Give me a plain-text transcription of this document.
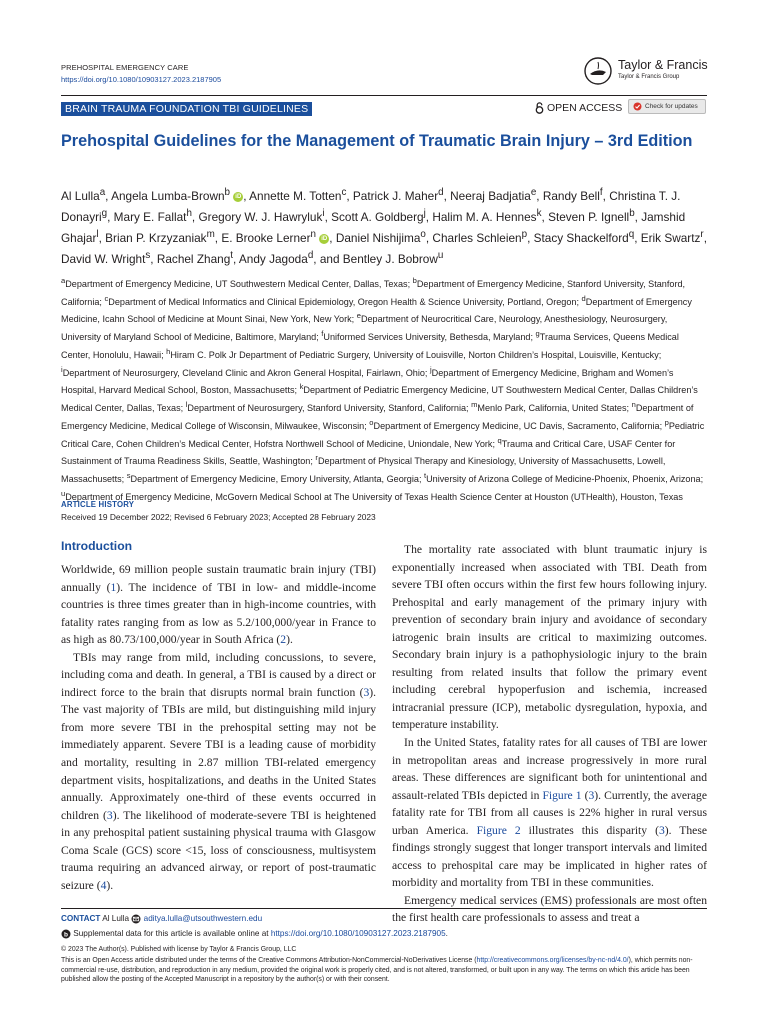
PREHOSPITAL EMERGENCY CARE
https://doi.org/10.1080/10903127.2023.2187905
Taylor & Francis
Taylor & Francis Group
BRAIN TRAUMA FOUNDATION TBI GUIDELINES	OPEN ACCESS	Check for updates
Prehospital Guidelines for the Management of Traumatic Brain Injury – 3rd Edition
Al Lulla$^a$, Angela Lumba-Brown$^b$ iD , Annette M. Totten$^c$, Patrick J. Maher$^d$, Neeraj Badjatia$^e$, Randy Bell$^f$, Christina T. J. Donayri$^g$, Mary E. Fallat$^h$, Gregory W. J. Hawryluk$^i$, Scott A. Goldberg$^j$, Halim M. A. Hennes$^k$, Steven P. Ignell$^b$, Jamshid Ghajar$^l$, Brian P. Krzyzaniak$^m$, E. Brooke Lerner$^n$ iD , Daniel Nishijima$^o$, Charles Schleien$^p$, Stacy Shackelford$^q$, Erik Swartz$^r$, David W. Wright$^s$, Rachel Zhang$^t$, Andy Jagoda$^d$, and Bentley J. Bobrow$^u$
$^a$Department of Emergency Medicine, UT Southwestern Medical Center, Dallas, Texas; $^b$Department of Emergency Medicine, Stanford University, Stanford, California; $^c$Department of Medical Informatics and Clinical Epidemiology, Oregon Health & Science University, Portland, Oregon; $^d$Department of Emergency Medicine, Icahn School of Medicine at Mount Sinai, New York, New York; $^e$Department of Neurocritical Care, Neurology, Anesthesiology, Neurosurgery, University of Maryland School of Medicine, Baltimore, Maryland; $^f$Uniformed Services University, Bethesda, Maryland; $^g$Trauma Services, Queens Medical Center, Honolulu, Hawaii; $^h$Hiram C. Polk Jr Department of Pediatric Surgery, University of Louisville, Norton Children’s Hospital, Louisville, Kentucky; $^i$Department of Neurosurgery, Cleveland Clinic and Akron General Hospital, Fairlawn, Ohio; $^j$Department of Emergency Medicine, Brigham and Women’s Hospital, Harvard Medical School, Boston, Massachusetts; $^k$Department of Pediatric Emergency Medicine, UT Southwestern Medical Center, Dallas Children’s Medical Center, Dallas, Texas; $^l$Department of Neurosurgery, Stanford University, Stanford, California; $^m$Menlo Park, California, United States; $^n$Department of Emergency Medicine, Medical College of Wisconsin, Milwaukee, Wisconsin; $^o$Department of Emergency Medicine, UC Davis, Sacramento, California; $^p$Pediatric Critical Care, Cohen Children’s Medical Center, Hofstra Northwell School of Medicine, Uniondale, New York; $^q$Trauma and Critical Care, USAF Center for Sustainment of Trauma Readiness Skills, Seattle, Washington; $^r$Department of Physical Therapy and Kinesiology, University of Massachusetts, Lowell, Massachusetts; $^s$Department of Emergency Medicine, Emory University, Atlanta, Georgia; $^t$University of Arizona College of Medicine-Phoenix, Phoenix, Arizona; $^u$Department of Emergency Medicine, McGovern Medical School at The University of Texas Health Science Center at Houston (UTHealth), Houston, Texas
ARTICLE HISTORY
Received 19 December 2022; Revised 6 February 2023; Accepted 28 February 2023
Introduction

Worldwide, 69 million people sustain traumatic brain injury (TBI) annually (1). The incidence of TBI in low- and middle-income countries is three times greater than in high-income countries, with fatality rates ranging from as low as 5.2/100,000/year in France to as high as 80.73/100,000/year in South Africa (2).

TBIs may range from mild, including concussions, to severe, including coma and death. In general, a TBI is caused by a direct or indirect force to the brain that disrupts normal brain function (3). The vast majority of TBIs are mild, but distinguishing mild injury from more severe TBI in the prehospital setting may not be immediately apparent. Severe TBI is a leading cause of morbidity and mortality, resulting in 2.87 million TBI-related emergency department visits, hospitalizations, and deaths in the United States annually. Approximately one-third of these events occurred in children (3). The likelihood of moderate-severe TBI is heightened in any prehospital patient sustaining physical trauma with Glasgow Coma Scale (GCS) score <15, loss of consciousness, multisystem trauma requiring an advanced airway, or report of post-traumatic seizure (4).

The mortality rate associated with blunt traumatic injury is exponentially increased when associated with TBI. Death from severe TBI often occurs within the first few hours following injury. Prehospital and early management of the primary injury with prevention of secondary brain injury and avoidance of secondary iatrogenic brain insults are critical to maximizing outcomes. Secondary brain injury is a pathophysiologic injury to the brain resulting from related insults that follow the primary event including cerebral hypoperfusion and ischemia, increased intracranial pressure (ICP), metabolic dysregulation, hypoxia, and temperature instability.

In the United States, fatality rates for all causes of TBI are lower in metropolitan areas and increase progressively in more rural areas. These differences are significant both for unintentional and assault-related TBIs depicted in Figure 1 (3). Currently, the average fatality rate for TBI from all causes is 22% higher in rural versus urban America. Figure 2 illustrates this disparity (3). These findings strongly suggest that longer transport intervals and limited access to prehospital care may be implicated in higher rates of morbidity and mortality from TBI in these communities.

Emergency medical services (EMS) professionals are most often the first health care professionals to assess and treat a

CONTACT Al Lulla aditya.lulla@utsouthwestern.edu
b Supplemental data for this article is available online at https://doi.org/10.1080/10903127.2023.2187905.
© 2023 The Author(s). Published with license by Taylor & Francis Group, LLC
This is an Open Access article distributed under the terms of the Creative Commons Attribution-NonCommercial-NoDerivatives License (http://creativecommons.org/licenses/by-nc-nd/4.0/), which permits non-commercial re-use, distribution, and reproduction in any medium, provided the original work is properly cited, and is not altered, transformed, or built upon in any way. The terms on which this article has been published allow the posting of the Accepted Manuscript in a repository by the author(s) or with their consent.
